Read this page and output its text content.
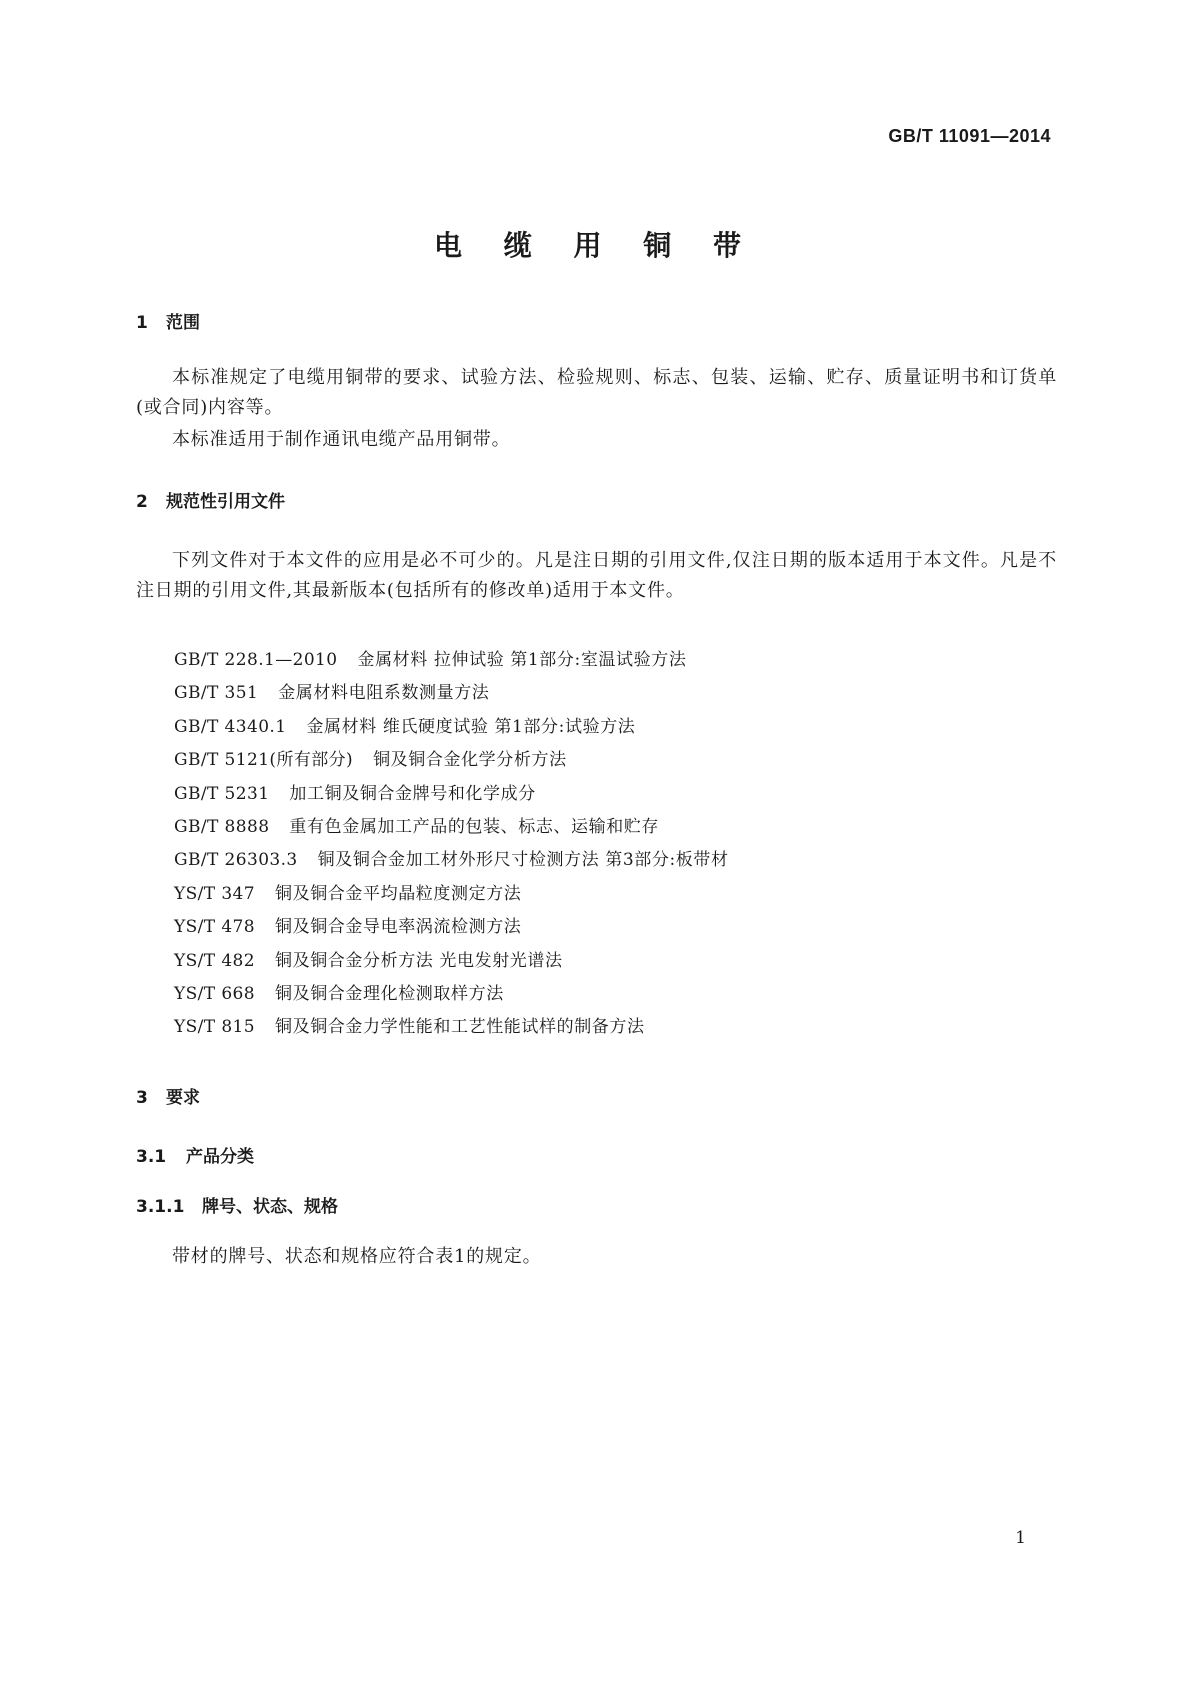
GB/T 11091—2014
电 缆 用 铜 带
1 范围
本标准规定了电缆用铜带的要求、试验方法、检验规则、标志、包装、运输、贮存、质量证明书和订货单(或合同)内容等。
本标准适用于制作通讯电缆产品用铜带。
2 规范性引用文件
下列文件对于本文件的应用是必不可少的。凡是注日期的引用文件,仅注日期的版本适用于本文件。凡是不注日期的引用文件,其最新版本(包括所有的修改单)适用于本文件。
GB/T 228.1—2010 金属材料 拉伸试验 第1部分:室温试验方法
GB/T 351 金属材料电阻系数测量方法
GB/T 4340.1 金属材料 维氏硬度试验 第1部分:试验方法
GB/T 5121(所有部分) 铜及铜合金化学分析方法
GB/T 5231 加工铜及铜合金牌号和化学成分
GB/T 8888 重有色金属加工产品的包装、标志、运输和贮存
GB/T 26303.3 铜及铜合金加工材外形尺寸检测方法 第3部分:板带材
YS/T 347 铜及铜合金平均晶粒度测定方法
YS/T 478 铜及铜合金导电率涡流检测方法
YS/T 482 铜及铜合金分析方法 光电发射光谱法
YS/T 668 铜及铜合金理化检测取样方法
YS/T 815 铜及铜合金力学性能和工艺性能试样的制备方法
3 要求
3.1 产品分类
3.1.1 牌号、状态、规格
带材的牌号、状态和规格应符合表1的规定。
1
